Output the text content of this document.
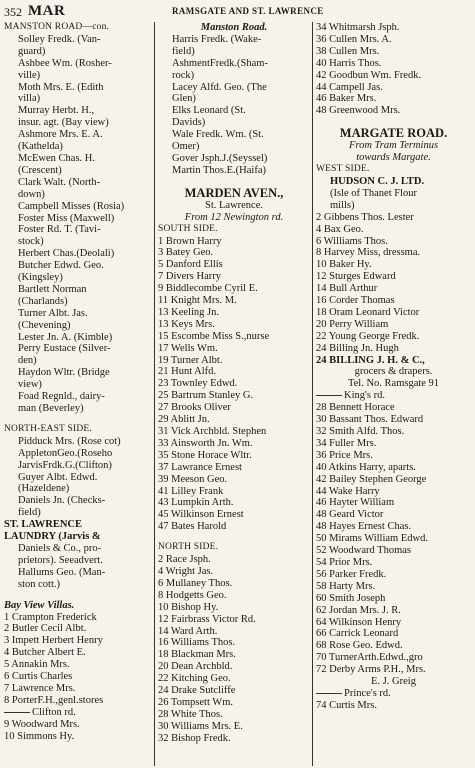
352 MAR	RAMSGATE AND ST. LAWRENCE
MANSTON ROAD—con.
Solley Fredk. (Van-
guard)
Ashbee Wm. (Rosher-
ville)
Moth Mrs. E. (Edith
villa)
Murray Herbt. H.,
insur. agt. (Bay view)
Ashmore Mrs. E. A.
(Kathelda)
McEwen Chas. H.
(Crescent)
Clark Walt. (North-
down)
Campbell Misses (Rosia)
Foster Miss (Maxwell)
Foster Rd. T. (Tavi-
stock)
Herbert Chas.(Deolali)
Butcher Edwd. Geo.
(Kingsley)
Bartlett Norman
(Charlands)
Turner Albt. Jas.
(Chevening)
Lester Jn. A. (Kimble)
Perry Eustace (Silver-
den)
Haydon Wltr. (Bridge
view)
Foad Regnld., dairy-
man (Beverley)
NORTH-EAST SIDE.
Pidduck Mrs. (Rose cot)
AppletonGeo.(Roseho
JarvisFrdk.G.(Clifton)
Guyer Albt. Edwd.
(Hazeldene)
Daniels Jn. (Checks-
field)
ST. LAWRENCE
LAUNDRY (Jarvis &
Daniels & Co., pro-
prietors). Seeadvert.
Hallums Geo. (Man-
ston cott.)
Bay View Villas.
1 Crampton Frederick
2 Butler Cecil Albt.
3 Impett Herbert Henry
4 Butcher Albert E.
5 Annakin Mrs.
6 Curtis Charles
7 Lawrence Mrs.
8 PorterF.H.,genl.stores
Clifton rd.
9 Woodward Mrs.
10 Simmons Hy.
Manston Road.
Harris Fredk. (Wake-
field)
AshmentFredk.(Sham-
rock)
Lacey Alfd. Geo. (The
Glen)
Elks Leonard (St.
Davids)
Wale Fredk. Wm. (St.
Omer)
Gover Jsph.J.(Seyssel)
Martin Thos.E.(Haifa)
MARDEN AVEN.,
St. Lawrence.
From 12 Newington rd.
SOUTH SIDE.
1 Brown Harry
3 Batey Geo.
5 Danford Ellis
7 Divers Harry
9 Biddlecombe Cyril E.
11 Knight Mrs. M.
13 Keeling Jn.
13 Keys Mrs.
15 Escombe Miss S.,nurse
17 Wells Wm.
19 Turner Albt.
21 Hunt Alfd.
23 Townley Edwd.
25 Bartrum Stanley G.
27 Brooks Oliver
29 Ablitt Jn.
31 Vick Archbld. Stephen
33 Ainsworth Jn. Wm.
35 Stone Horace Wltr.
37 Lawrance Ernest
39 Meeson Geo.
41 Lilley Frank
43 Lumpkin Arth.
45 Wilkinson Ernest
47 Bates Harold
NORTH SIDE.
2 Race Jsph.
4 Wright Jas.
6 Mullaney Thos.
8 Hodgetts Geo.
10 Bishop Hy.
12 Fairbrass Victor Rd.
14 Ward Arth.
16 Williams Thos.
18 Blackman Mrs.
20 Dean Archbld.
22 Kitching Geo.
24 Drake Sutcliffe
26 Tompsett Wm.
28 White Thos.
30 Williams Mrs. E.
32 Bishop Fredk.
34 Whitmarsh Jsph.
36 Cullen Mrs. A.
38 Cullen Mrs.
40 Harris Thos.
42 Goodbun Wm. Fredk.
44 Campell Jas.
46 Baker Mrs.
48 Greenwood Mrs.
MARGATE ROAD.
From Tram Terminus
towards Margate.
WEST SIDE.
HUDSON C. J. LTD.
(Isle of Thanet Flour
mills)
2 Gibbens Thos. Lester
4 Bax Geo.
6 Williams Thos.
8 Harvey Miss, dressma.
10 Baker Hy.
12 Sturges Edward
14 Bull Arthur
16 Corder Thomas
18 Oram Leonard Victor
20 Perry William
22 Young George Fredk.
24 Billing Jn. Hugh
24 BILLING J. H. & C.,
grocers & drapers.
Tel. No. Ramsgate 91
King's rd.
28 Bennett Horace
30 Bassant Thos. Edward
32 Smith Alfd. Thos.
34 Fuller Mrs.
36 Price Mrs.
40 Atkins Harry, aparts.
42 Bailey Stephen George
44 Wake Harry
46 Hayter William
48 Geard Victor
48 Hayes Ernest Chas.
50 Mirams William Edwd.
52 Woodward Thomas
54 Prior Mrs.
56 Parker Fredk.
58 Harty Mrs.
60 Smith Joseph
62 Jordan Mrs. J. R.
64 Wilkinson Henry
66 Carrick Leonard
68 Rose Geo. Edwd.
70 TurnerArth.Edwd.,gro
72 Derby Arms P.H., Mrs.
E. J. Greig
Prince's rd.
74 Curtis Mrs.
